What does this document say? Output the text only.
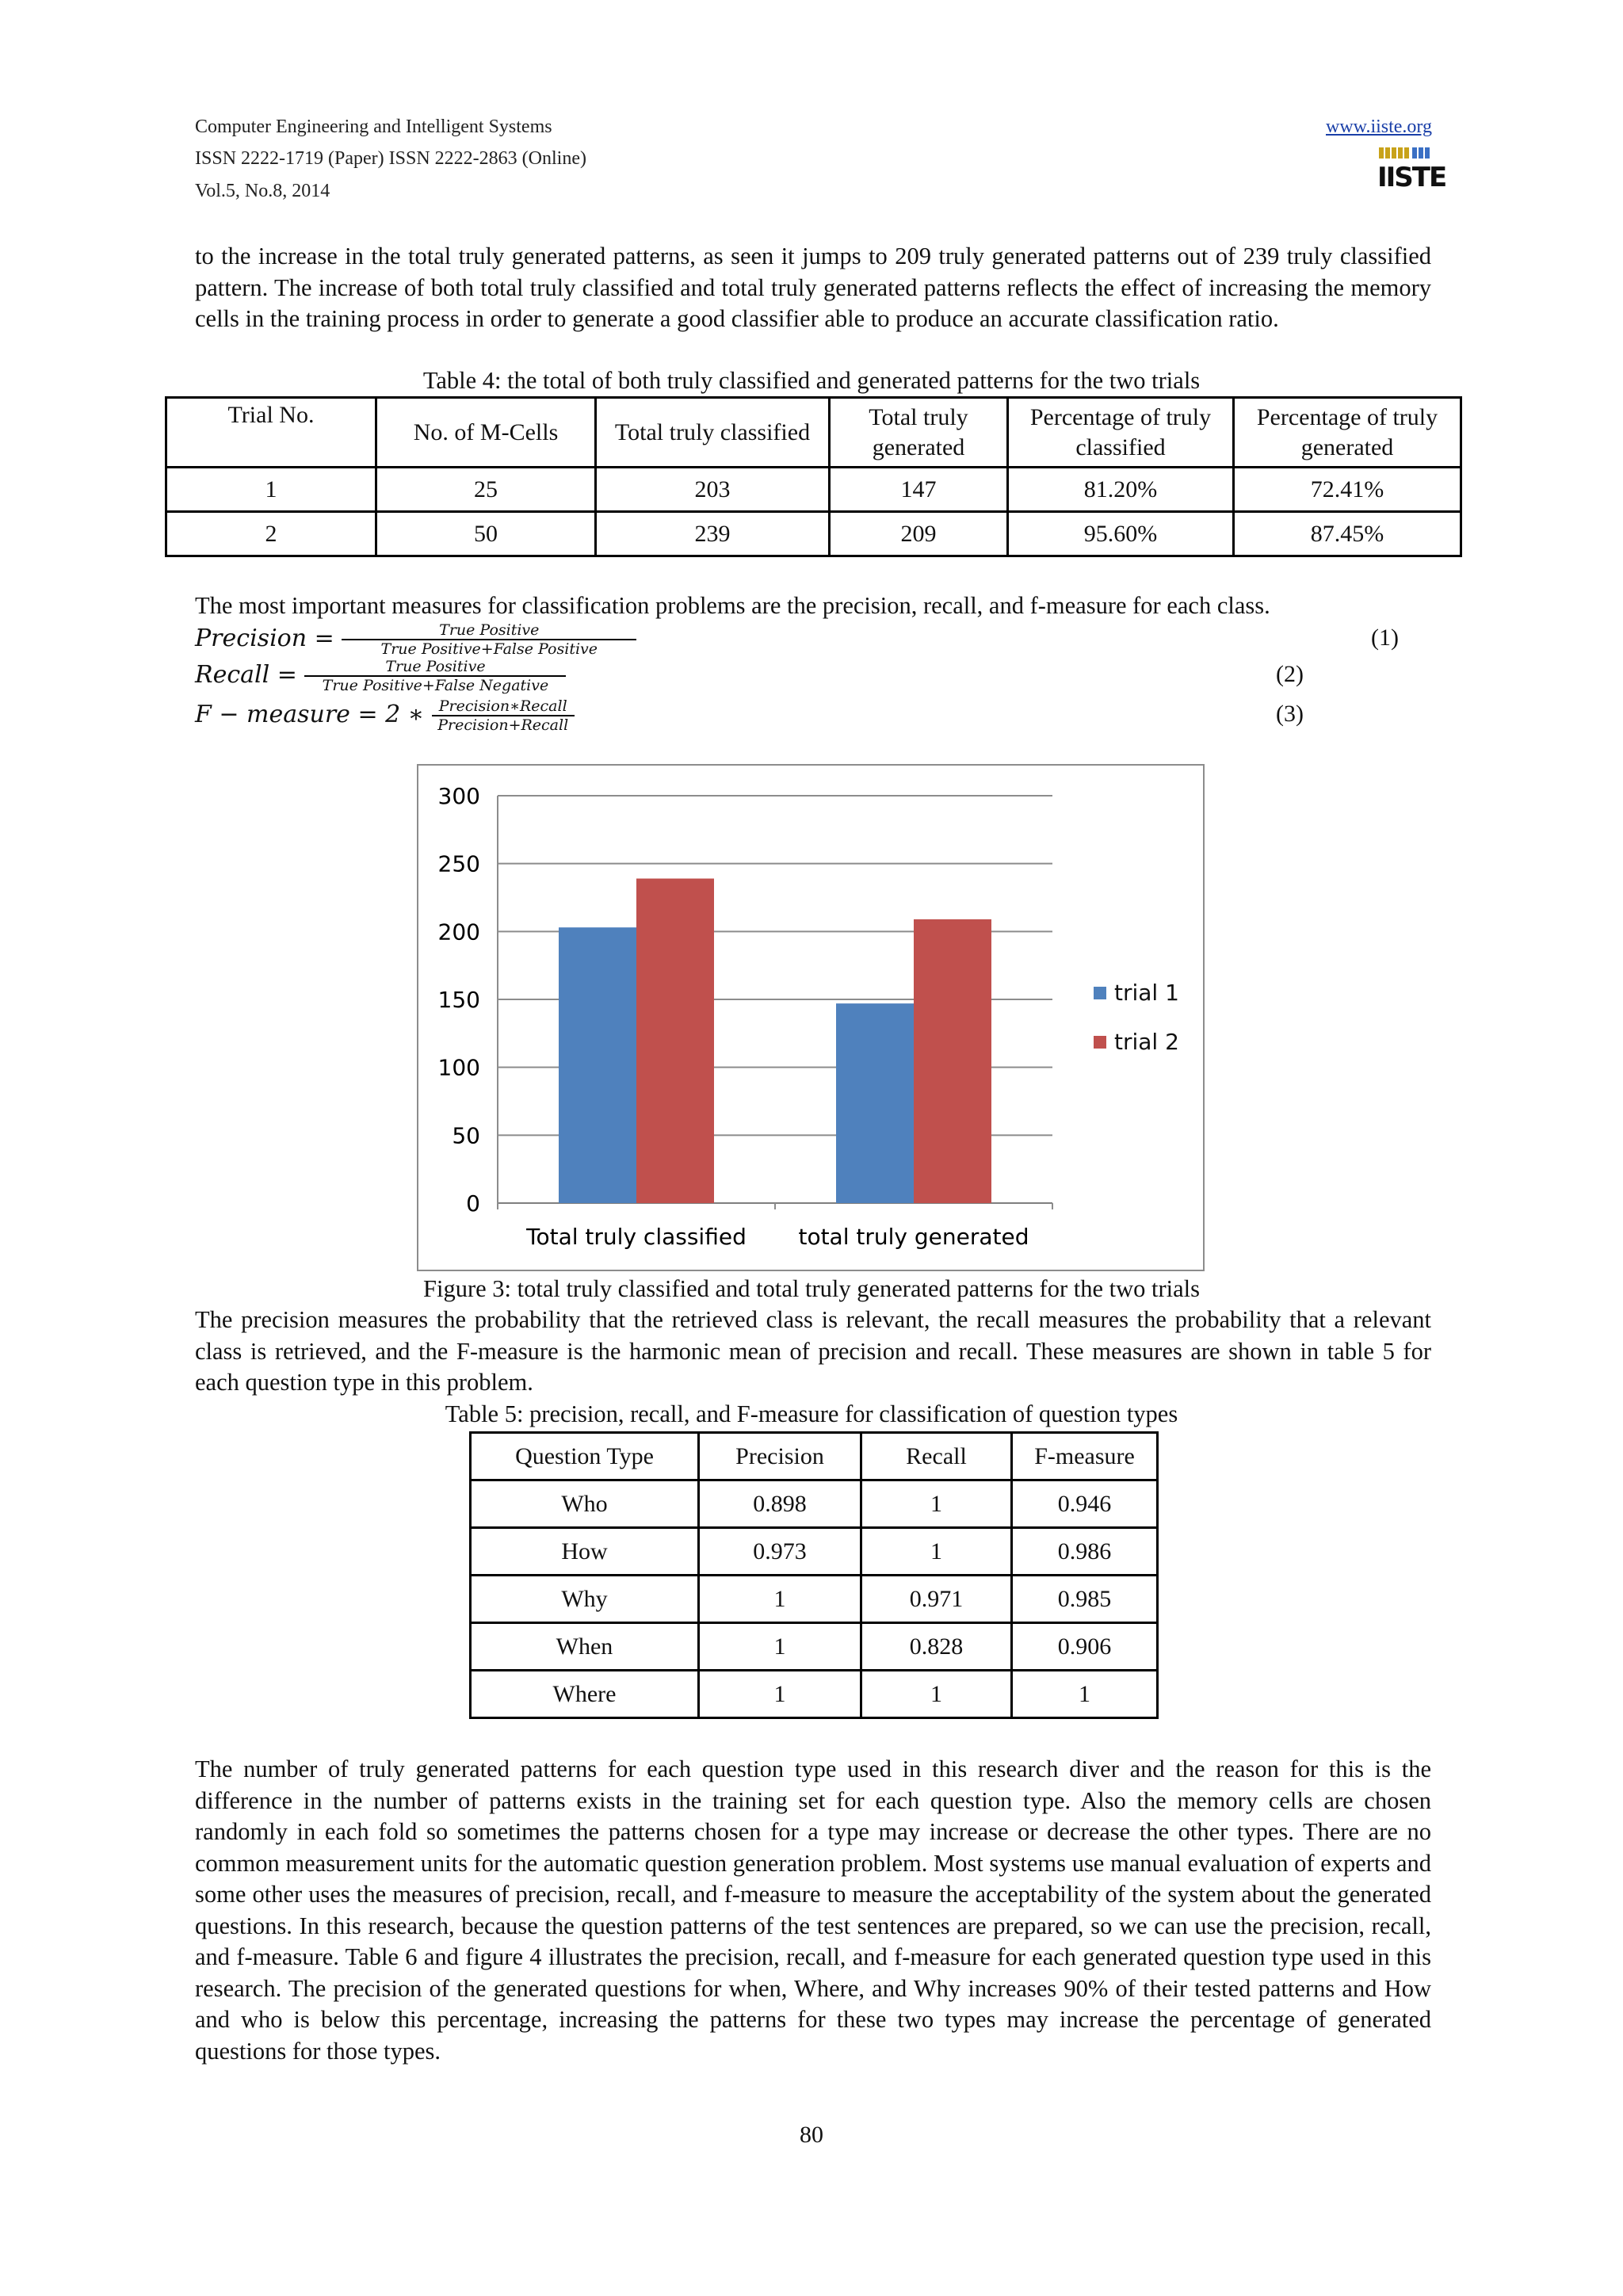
Computer Engineering and Intelligent Systems
ISSN 2222-1719 (Paper) ISSN 2222-2863 (Online)
Vol.5, No.8, 2014
www.iiste.org
IISTE

to the increase in the total truly generated patterns, as seen it jumps to 209 truly generated patterns out of 239 truly classified pattern. The increase of both total truly classified and total truly generated patterns reflects the effect of increasing the memory cells in the training process in order to generate a good classifier able to produce an accurate classification ratio.

Table 4: the total of both truly classified and generated patterns for the two trials
Trial No.	No. of M-Cells	Total truly classified	Total truly generated	Percentage of truly classified	Percentage of truly generated
1	25	203	147	81.20%	72.41%
2	50	239	209	95.60%	87.45%

The most important measures for classification problems are the precision, recall, and f-measure for each class.

Precision = $\frac{\text{True Positive}}{\text{True Positive+False Positive}}$	(1)
Recall = $\frac{\text{True Positive}}{\text{True Positive+False Negative}}$	(2)
F − measure = 2 ∗ $\frac{\text{Precision∗Recall}}{\text{Precision+Recall}}$	(3)
0
50
100
150
200
250
300
Total truly classified total truly generated
trial 1
trial 2
Figure 3: total truly classified and total truly generated patterns for the two trials

The precision measures the probability that the retrieved class is relevant, the recall measures the probability that a relevant class is retrieved, and the F-measure is the harmonic mean of precision and recall. These measures are shown in table 5 for each question type in this problem.

Table 5: precision, recall, and F-measure for classification of question types
Question Type	Precision	Recall	F-measure
Who	0.898	1	0.946
How	0.973	1	0.986
Why	1	0.971	0.985
When	1	0.828	0.906
Where	1	1	1

The number of truly generated patterns for each question type used in this research diver and the reason for this is the difference in the number of patterns exists in the training set for each question type. Also the memory cells are chosen randomly in each fold so sometimes the patterns chosen for a type may increase or decrease the other types. There are no common measurement units for the automatic question generation problem. Most systems use manual evaluation of experts and some other uses the measures of precision, recall, and f-measure to measure the acceptability of the system about the generated questions. In this research, because the question patterns of the test sentences are prepared, so we can use the precision, recall, and f-measure. Table 6 and figure 4 illustrates the precision, recall, and f-measure for each generated question type used in this research. The precision of the generated questions for when, Where, and Why increases 90% of their tested patterns and How and who is below this percentage, increasing the patterns for these two types may increase the percentage of generated questions for those types.

80
